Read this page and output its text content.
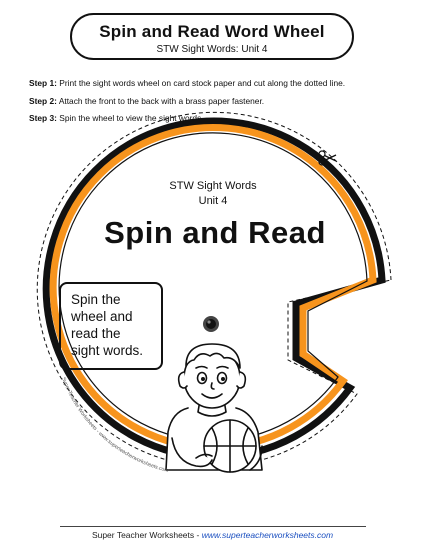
Spin and Read Word Wheel
STW Sight Words: Unit 4
Step 1: Print the sight words wheel on card stock paper and cut along the dotted line.
Step 2: Attach the front to the back with a brass paper fastener.
Step 3: Spin the wheel to view the sight words.
Super Teacher Worksheets - www.superteacherworksheets.com
STW Sight Words
Unit 4
Spin and Read
Spin the
wheel and
read the
sight words.
Super Teacher Worksheets - www.superteacherworksheets.com
